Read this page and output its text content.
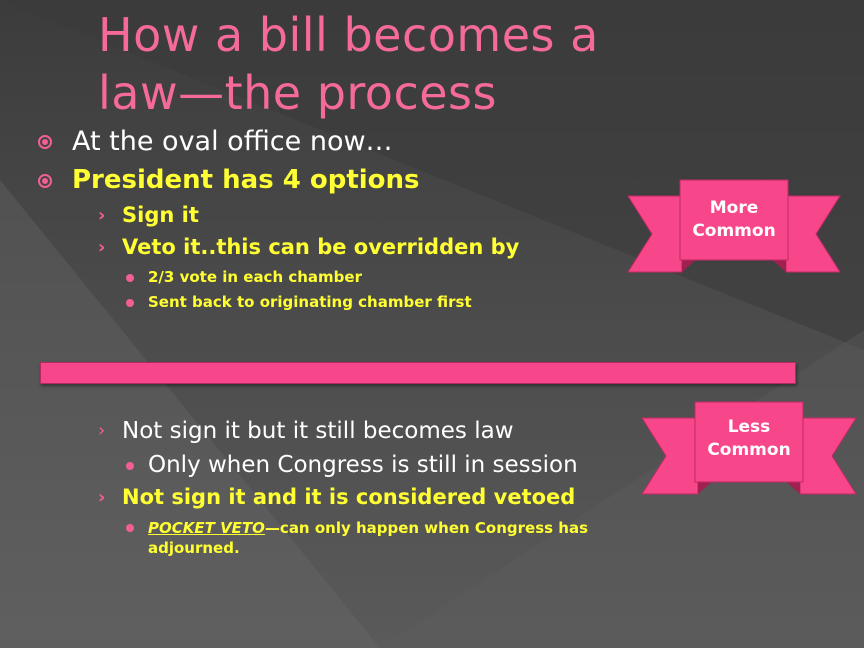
How a bill becomes a
law—the process
At the oval office now…
President has 4 options
› Sign it
› Veto it..this can be overridden by
2/3 vote in each chamber
Sent back to originating chamber first
› Not sign it but it still becomes law
Only when Congress is still in session
› Not sign it and it is considered vetoed
POCKET VETO—can only happen when Congress has
adjourned.
More
Common
Less
Common
